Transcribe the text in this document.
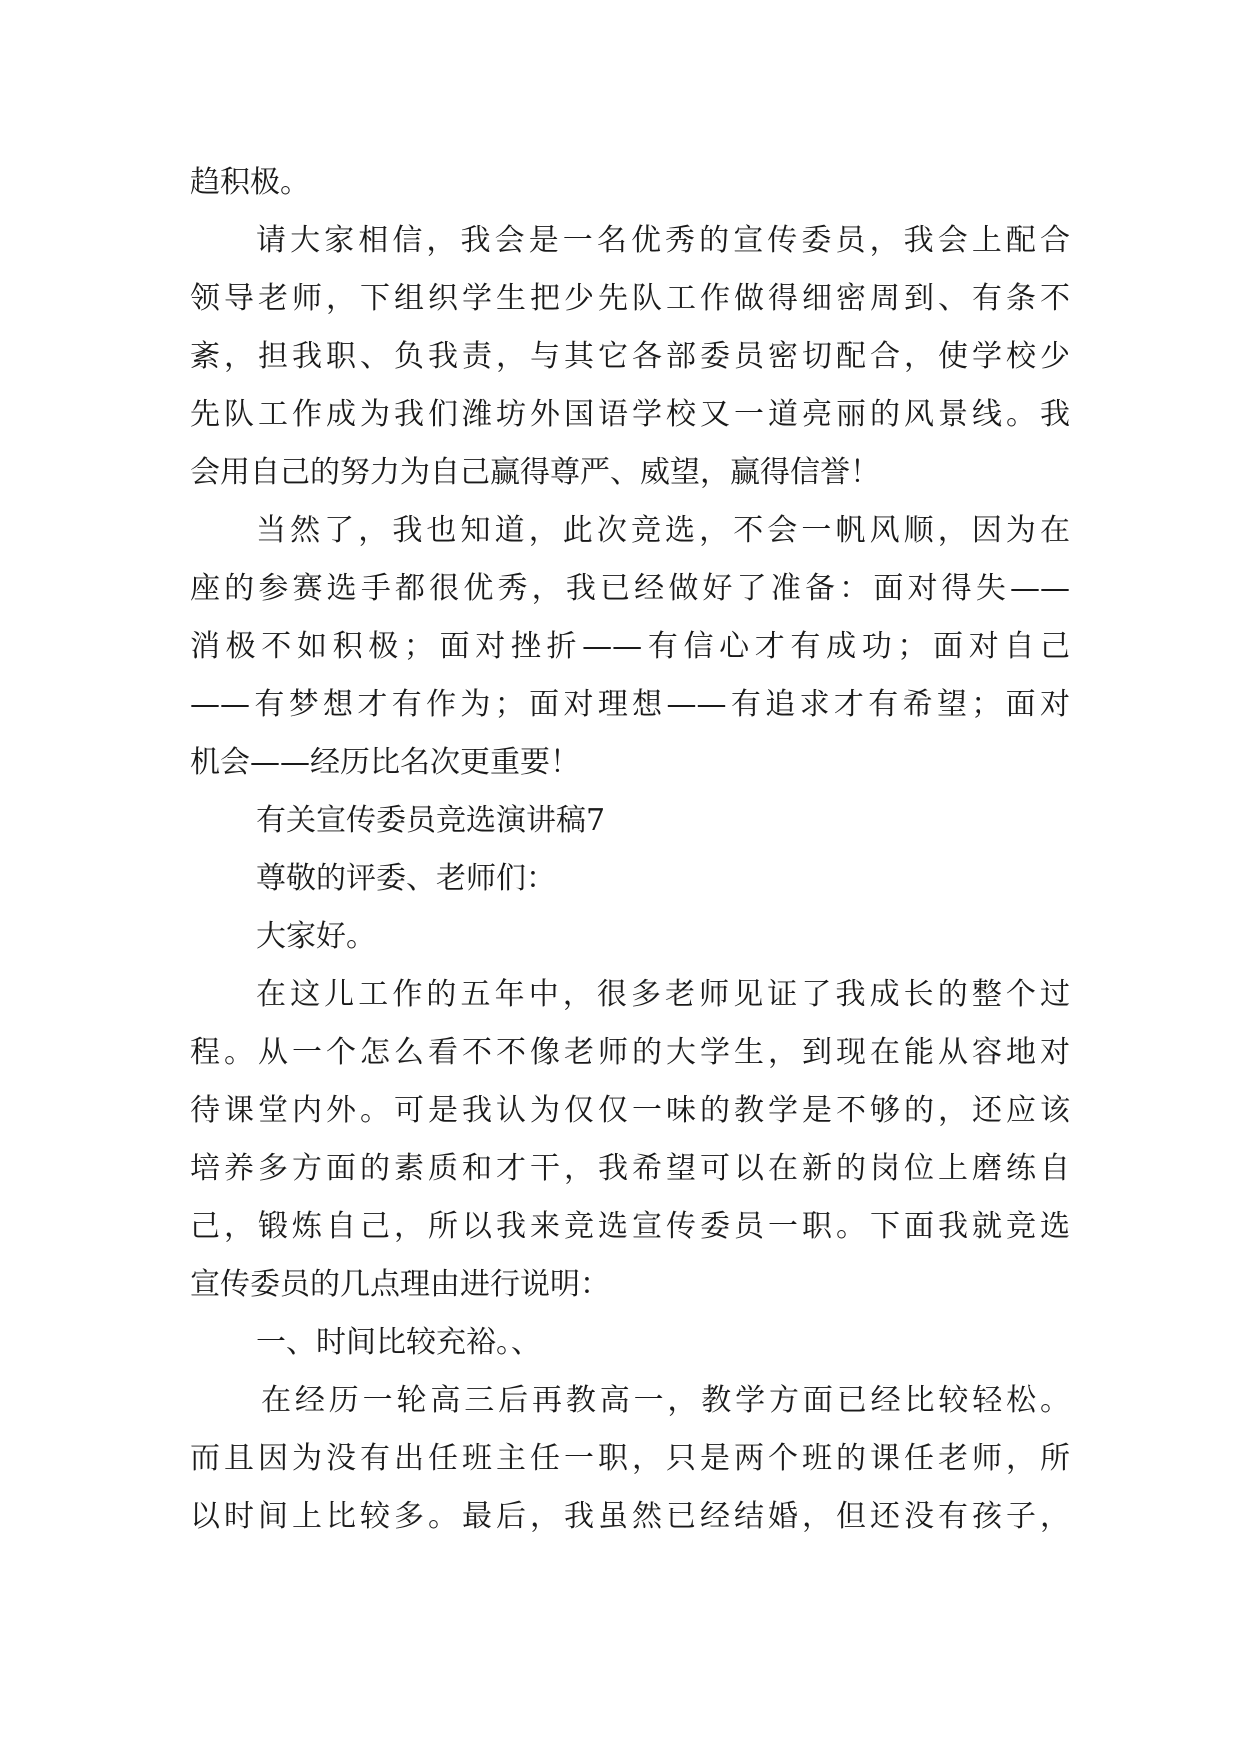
趋积极。
请大家相信，我会是一名优秀的宣传委员，我会上配合
领导老师，下组织学生把少先队工作做得细密周到、有条不
紊，担我职、负我责，与其它各部委员密切配合，使学校少
先队工作成为我们潍坊外国语学校又一道亮丽的风景线。我
会用自己的努力为自己赢得尊严、威望，赢得信誉！
当然了，我也知道，此次竞选，不会一帆风顺，因为在
座的参赛选手都很优秀，我已经做好了准备：面对得失——
消极不如积极；面对挫折——有信心才有成功；面对自己
——有梦想才有作为；面对理想——有追求才有希望；面对
机会——经历比名次更重要！
有关宣传委员竞选演讲稿7
尊敬的评委、老师们：
大家好。
在这儿工作的五年中，很多老师见证了我成长的整个过
程。从一个怎么看不不像老师的大学生，到现在能从容地对
待课堂内外。可是我认为仅仅一味的教学是不够的，还应该
培养多方面的素质和才干，我希望可以在新的岗位上磨练自
己，锻炼自己，所以我来竞选宣传委员一职。下面我就竞选
宣传委员的几点理由进行说明：
一、时间比较充裕。、
在经历一轮高三后再教高一，教学方面已经比较轻松。
而且因为没有出任班主任一职，只是两个班的课任老师，所
以时间上比较多。最后，我虽然已经结婚，但还没有孩子，
